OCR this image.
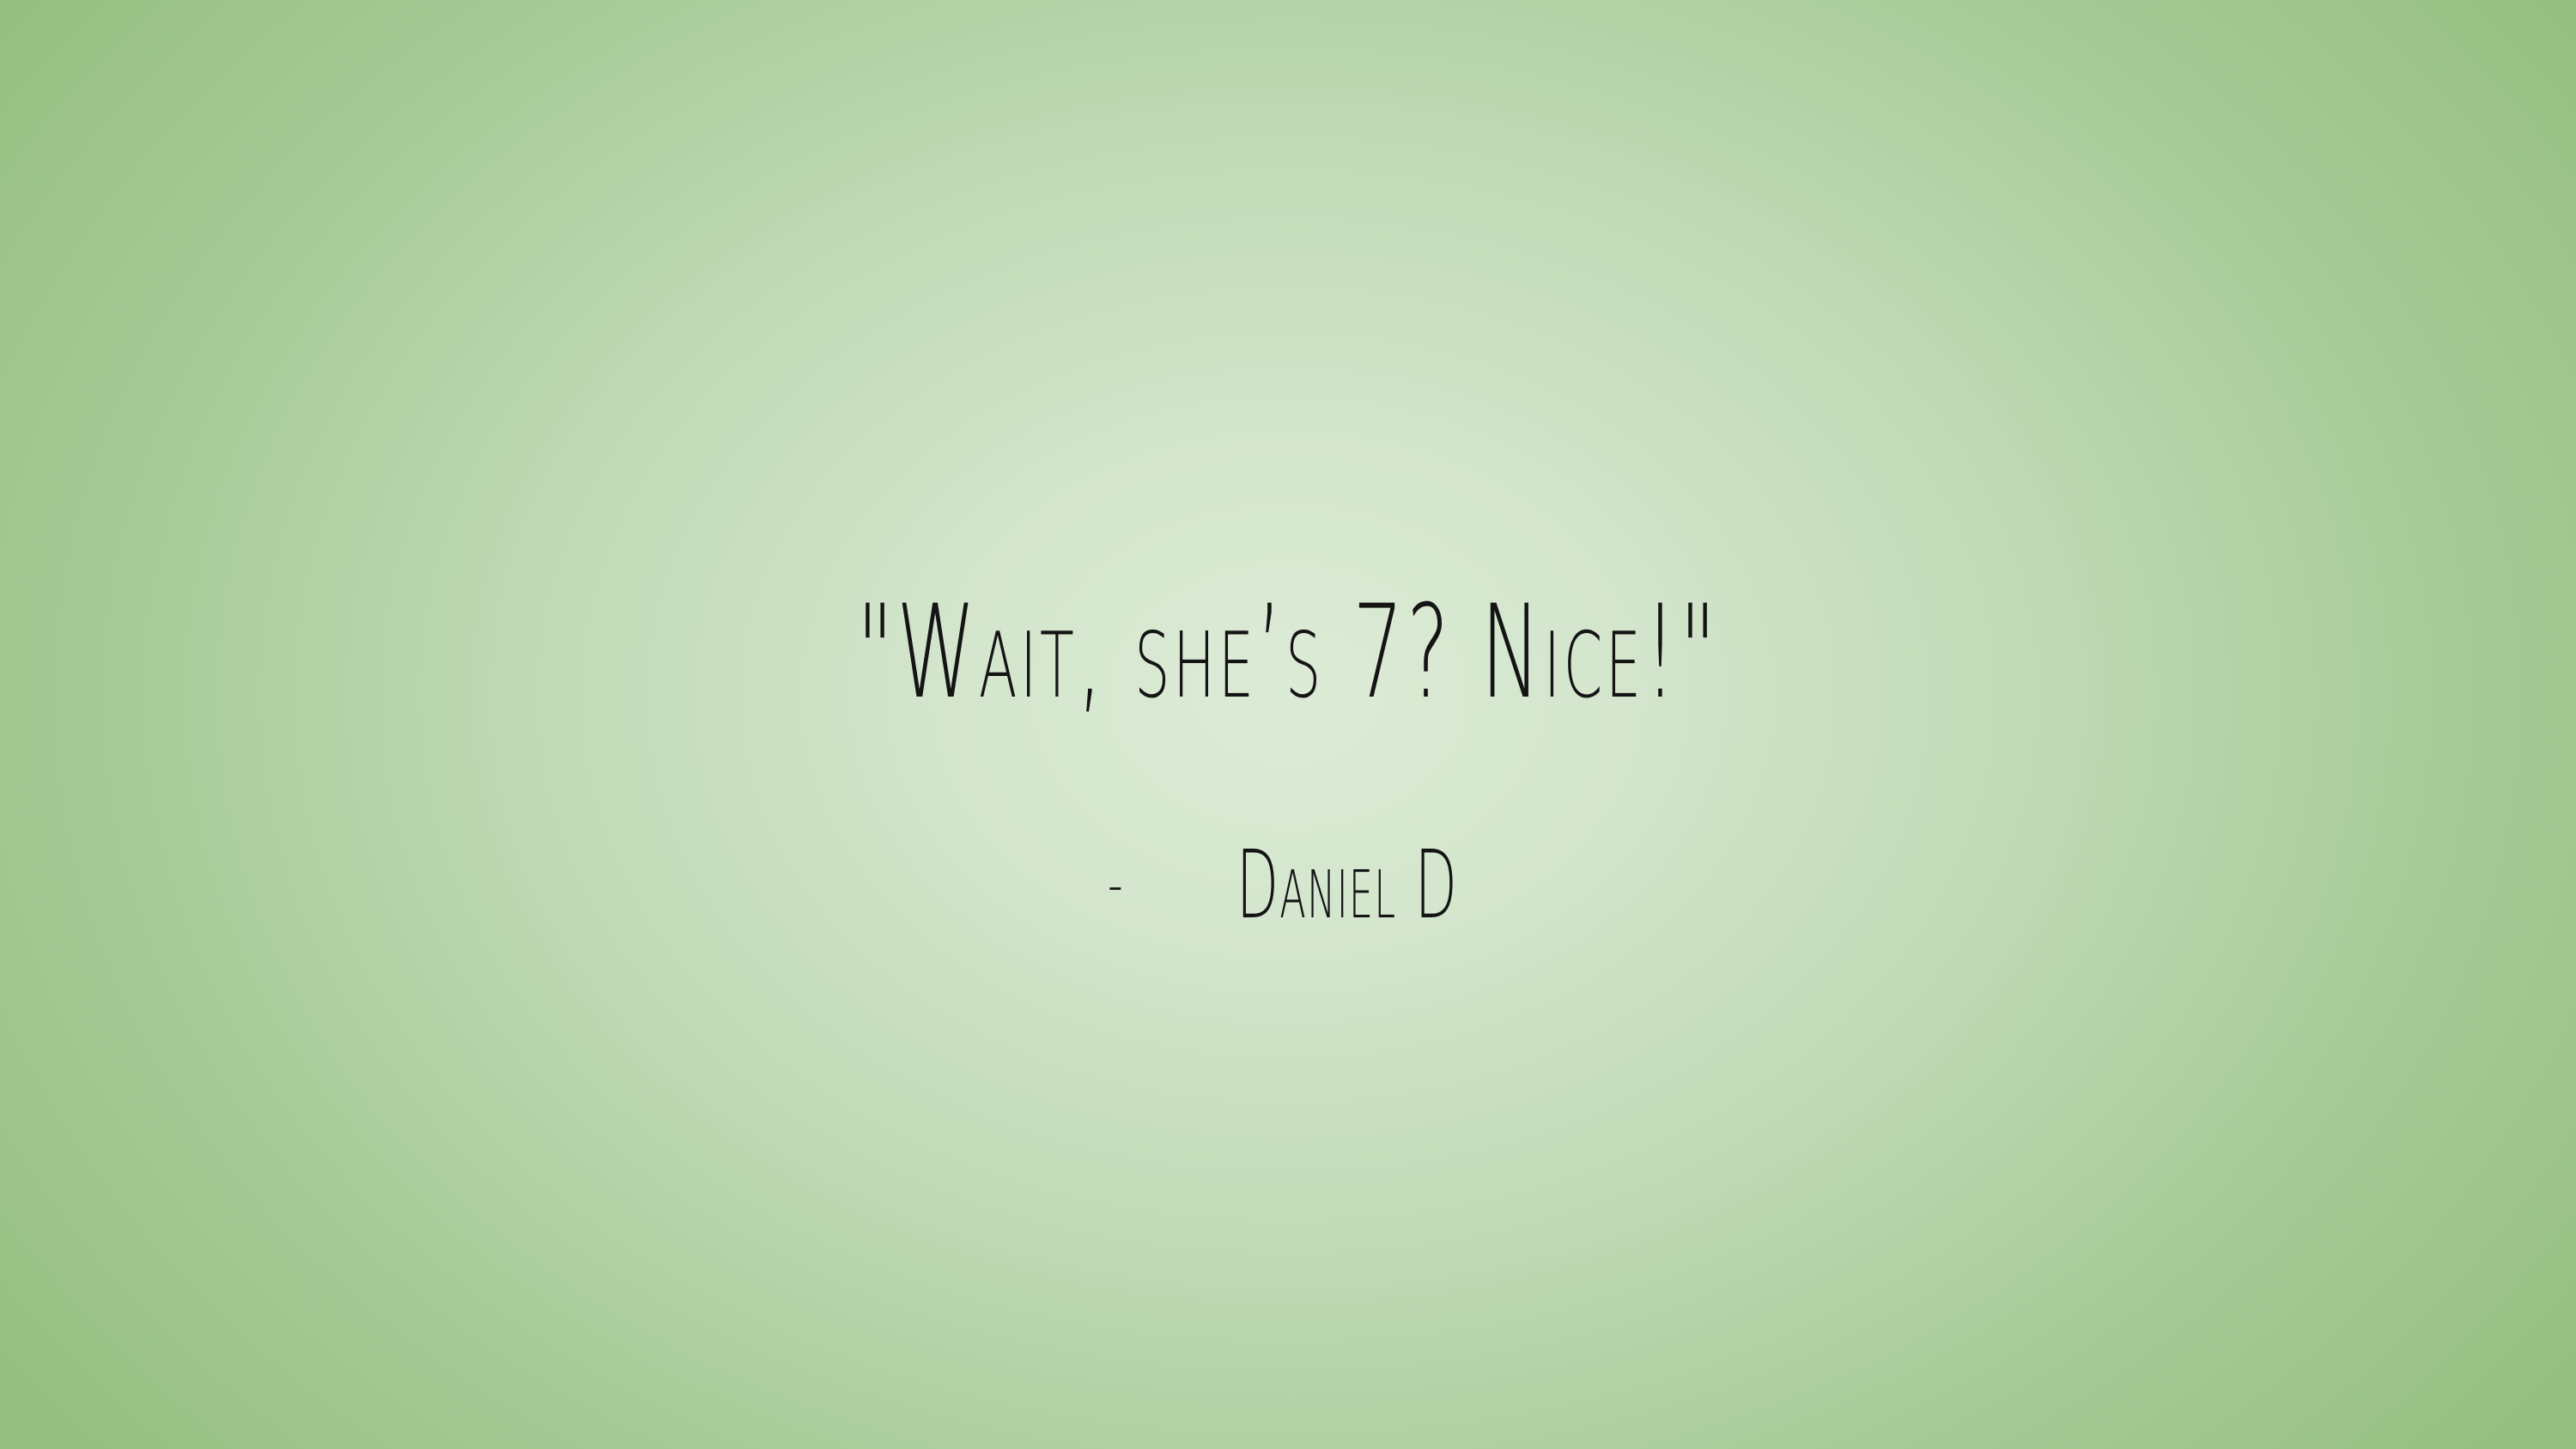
"Wait, she’s 7? Nice!"
-	Daniel D
